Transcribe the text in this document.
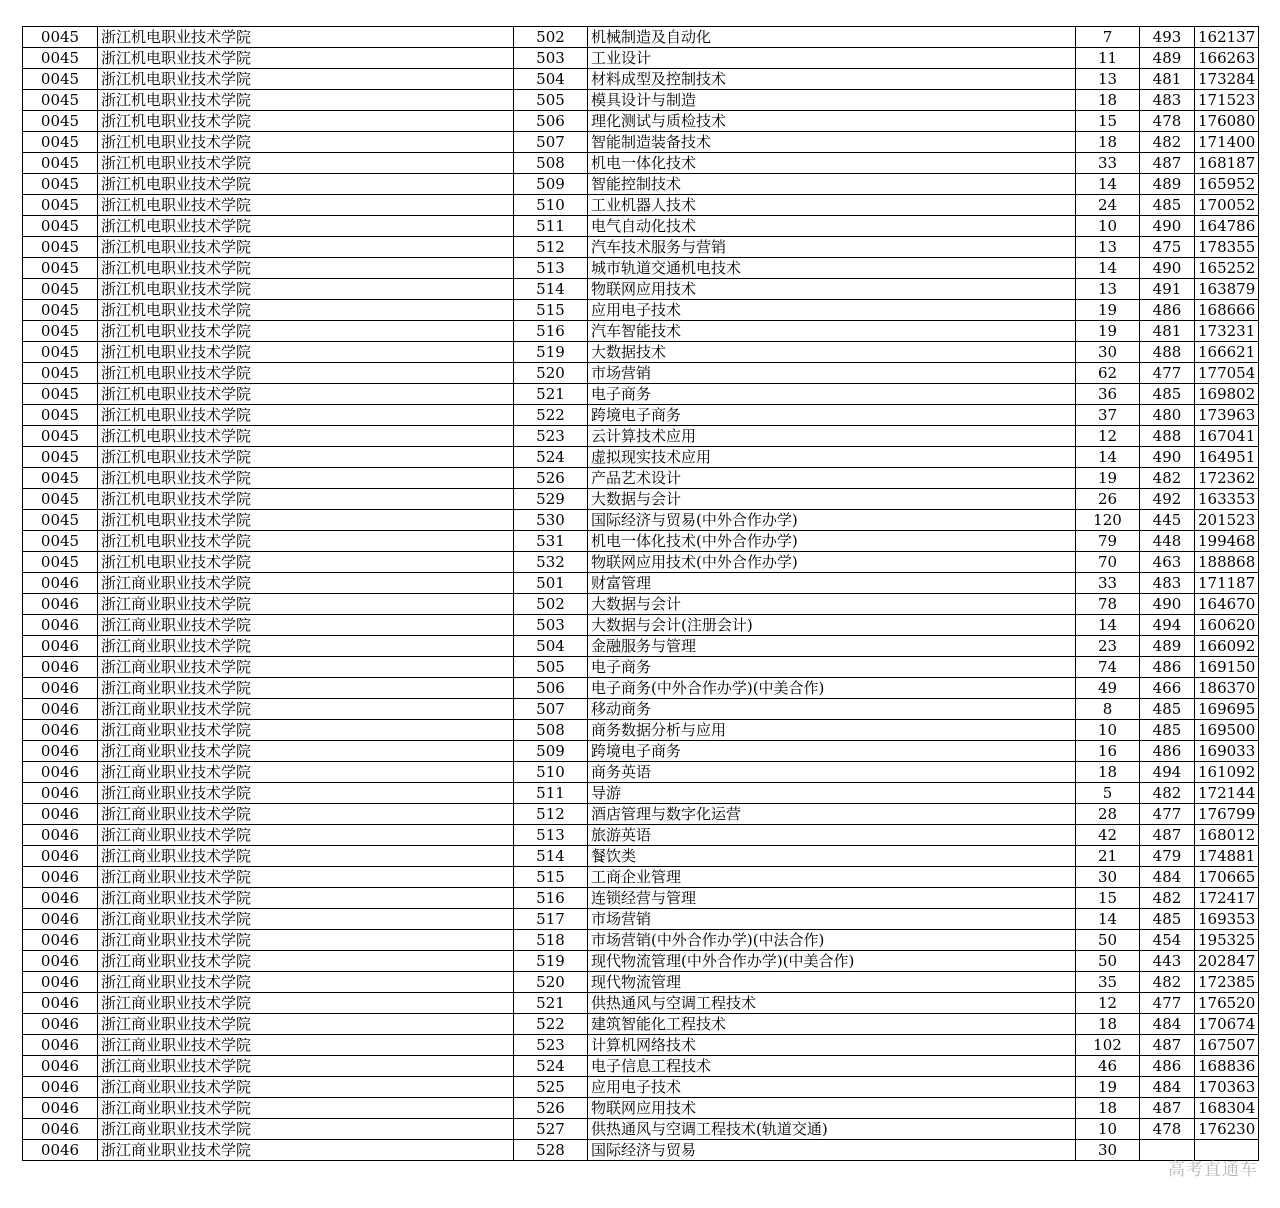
0045	浙江机电职业技术学院	502	机械制造及自动化	7	493	162137
0045	浙江机电职业技术学院	503	工业设计	11	489	166263
0045	浙江机电职业技术学院	504	材料成型及控制技术	13	481	173284
0045	浙江机电职业技术学院	505	模具设计与制造	18	483	171523
0045	浙江机电职业技术学院	506	理化测试与质检技术	15	478	176080
0045	浙江机电职业技术学院	507	智能制造装备技术	18	482	171400
0045	浙江机电职业技术学院	508	机电一体化技术	33	487	168187
0045	浙江机电职业技术学院	509	智能控制技术	14	489	165952
0045	浙江机电职业技术学院	510	工业机器人技术	24	485	170052
0045	浙江机电职业技术学院	511	电气自动化技术	10	490	164786
0045	浙江机电职业技术学院	512	汽车技术服务与营销	13	475	178355
0045	浙江机电职业技术学院	513	城市轨道交通机电技术	14	490	165252
0045	浙江机电职业技术学院	514	物联网应用技术	13	491	163879
0045	浙江机电职业技术学院	515	应用电子技术	19	486	168666
0045	浙江机电职业技术学院	516	汽车智能技术	19	481	173231
0045	浙江机电职业技术学院	519	大数据技术	30	488	166621
0045	浙江机电职业技术学院	520	市场营销	62	477	177054
0045	浙江机电职业技术学院	521	电子商务	36	485	169802
0045	浙江机电职业技术学院	522	跨境电子商务	37	480	173963
0045	浙江机电职业技术学院	523	云计算技术应用	12	488	167041
0045	浙江机电职业技术学院	524	虚拟现实技术应用	14	490	164951
0045	浙江机电职业技术学院	526	产品艺术设计	19	482	172362
0045	浙江机电职业技术学院	529	大数据与会计	26	492	163353
0045	浙江机电职业技术学院	530	国际经济与贸易(中外合作办学)	120	445	201523
0045	浙江机电职业技术学院	531	机电一体化技术(中外合作办学)	79	448	199468
0045	浙江机电职业技术学院	532	物联网应用技术(中外合作办学)	70	463	188868
0046	浙江商业职业技术学院	501	财富管理	33	483	171187
0046	浙江商业职业技术学院	502	大数据与会计	78	490	164670
0046	浙江商业职业技术学院	503	大数据与会计(注册会计)	14	494	160620
0046	浙江商业职业技术学院	504	金融服务与管理	23	489	166092
0046	浙江商业职业技术学院	505	电子商务	74	486	169150
0046	浙江商业职业技术学院	506	电子商务(中外合作办学)(中美合作)	49	466	186370
0046	浙江商业职业技术学院	507	移动商务	8	485	169695
0046	浙江商业职业技术学院	508	商务数据分析与应用	10	485	169500
0046	浙江商业职业技术学院	509	跨境电子商务	16	486	169033
0046	浙江商业职业技术学院	510	商务英语	18	494	161092
0046	浙江商业职业技术学院	511	导游	5	482	172144
0046	浙江商业职业技术学院	512	酒店管理与数字化运营	28	477	176799
0046	浙江商业职业技术学院	513	旅游英语	42	487	168012
0046	浙江商业职业技术学院	514	餐饮类	21	479	174881
0046	浙江商业职业技术学院	515	工商企业管理	30	484	170665
0046	浙江商业职业技术学院	516	连锁经营与管理	15	482	172417
0046	浙江商业职业技术学院	517	市场营销	14	485	169353
0046	浙江商业职业技术学院	518	市场营销(中外合作办学)(中法合作)	50	454	195325
0046	浙江商业职业技术学院	519	现代物流管理(中外合作办学)(中美合作)	50	443	202847
0046	浙江商业职业技术学院	520	现代物流管理	35	482	172385
0046	浙江商业职业技术学院	521	供热通风与空调工程技术	12	477	176520
0046	浙江商业职业技术学院	522	建筑智能化工程技术	18	484	170674
0046	浙江商业职业技术学院	523	计算机网络技术	102	487	167507
0046	浙江商业职业技术学院	524	电子信息工程技术	46	486	168836
0046	浙江商业职业技术学院	525	应用电子技术	19	484	170363
0046	浙江商业职业技术学院	526	物联网应用技术	18	487	168304
0046	浙江商业职业技术学院	527	供热通风与空调工程技术(轨道交通)	10	478	176230
0046	浙江商业职业技术学院	528	国际经济与贸易	30		
高考直通车
